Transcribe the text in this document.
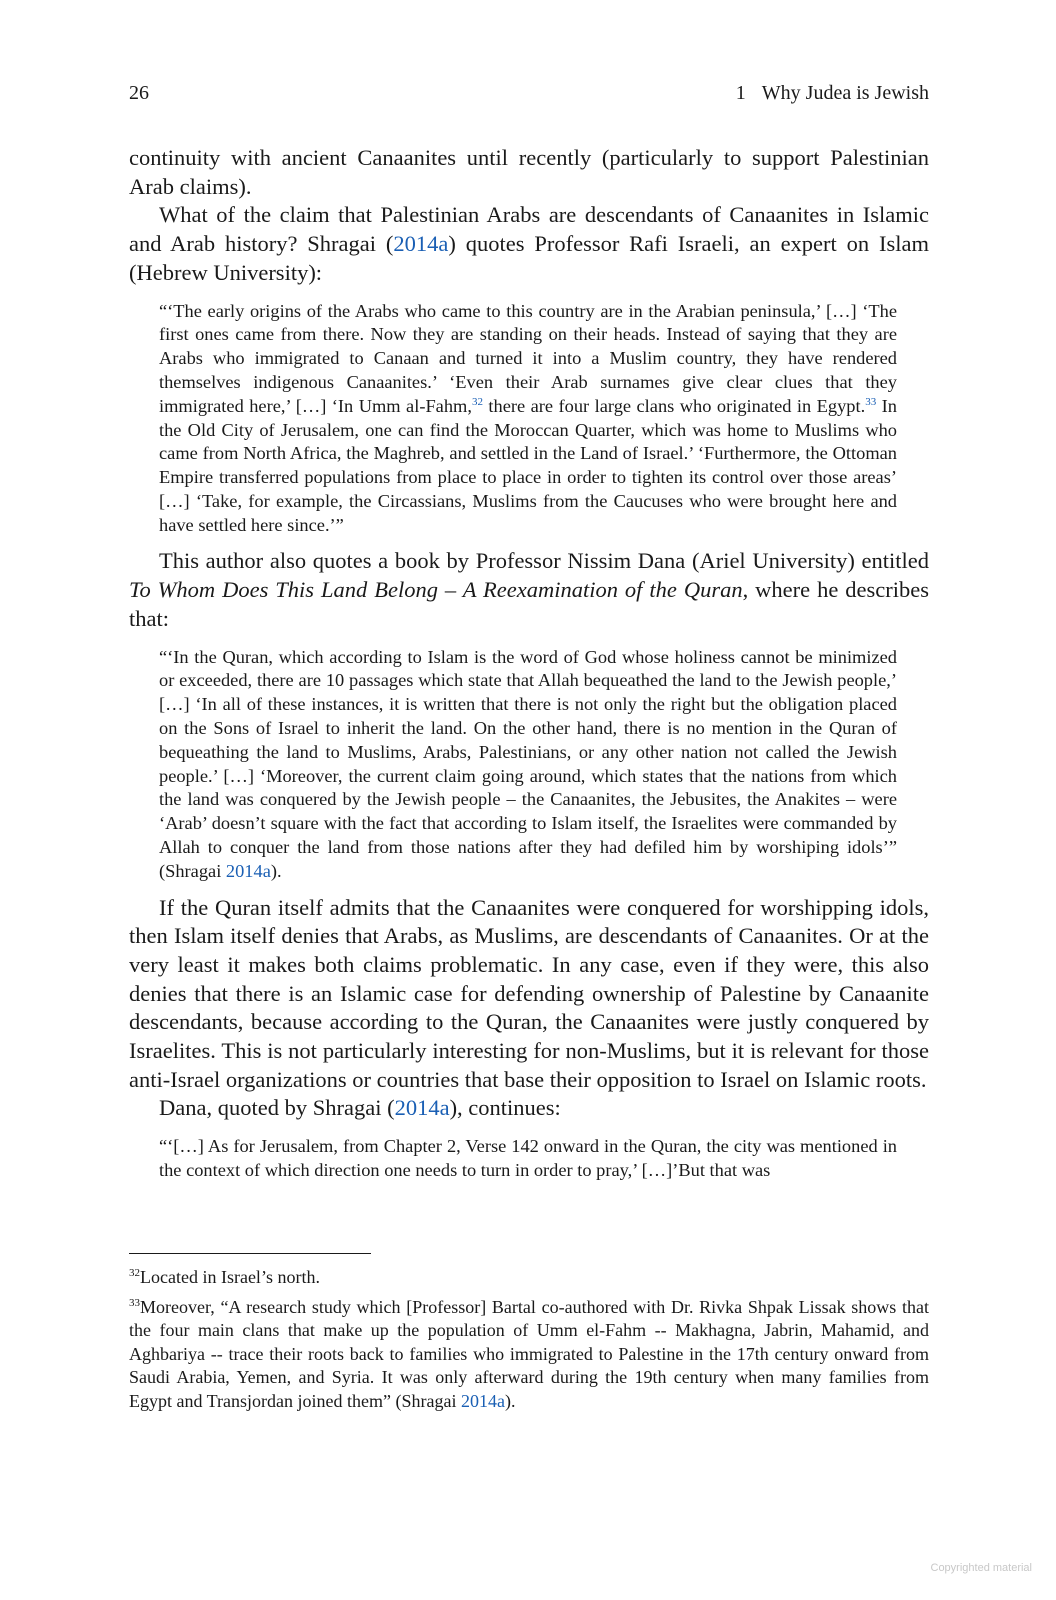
26	1 Why Judea is Jewish

continuity with ancient Canaanites until recently (particularly to support Palestinian Arab claims).

What of the claim that Palestinian Arabs are descendants of Canaanites in Islamic and Arab history? Shragai (2014a) quotes Professor Rafi Israeli, an expert on Islam (Hebrew University):

“‘The early origins of the Arabs who came to this country are in the Arabian peninsula,’ […] ‘The first ones came from there. Now they are standing on their heads. Instead of saying that they are Arabs who immigrated to Canaan and turned it into a Muslim country, they have rendered themselves indigenous Canaanites.’ ‘Even their Arab surnames give clear clues that they immigrated here,’ […] ‘In Umm al-Fahm,$^{32}$ there are four large clans who originated in Egypt.$^{33}$ In the Old City of Jerusalem, one can find the Moroccan Quarter, which was home to Muslims who came from North Africa, the Maghreb, and settled in the Land of Israel.’ ‘Furthermore, the Ottoman Empire transferred populations from place to place in order to tighten its control over those areas’ […] ‘Take, for example, the Circassians, Muslims from the Caucuses who were brought here and have settled here since.’”

This author also quotes a book by Professor Nissim Dana (Ariel University) entitled To Whom Does This Land Belong – A Reexamination of the Quran, where he describes that:

“‘In the Quran, which according to Islam is the word of God whose holiness cannot be minimized or exceeded, there are 10 passages which state that Allah bequeathed the land to the Jewish people,’ […] ‘In all of these instances, it is written that there is not only the right but the obligation placed on the Sons of Israel to inherit the land. On the other hand, there is no mention in the Quran of bequeathing the land to Muslims, Arabs, Palestinians, or any other nation not called the Jewish people.’ […] ‘Moreover, the current claim going around, which states that the nations from which the land was conquered by the Jewish people – the Canaanites, the Jebusites, the Anakites – were ‘Arab’ doesn’t square with the fact that according to Islam itself, the Israelites were commanded by Allah to conquer the land from those nations after they had defiled him by worshiping idols’” (Shragai 2014a).

If the Quran itself admits that the Canaanites were conquered for worshipping idols, then Islam itself denies that Arabs, as Muslims, are descendants of Canaanites. Or at the very least it makes both claims problematic. In any case, even if they were, this also denies that there is an Islamic case for defending ownership of Palestine by Canaanite descendants, because according to the Quran, the Canaanites were justly conquered by Israelites. This is not particularly interesting for non-Muslims, but it is relevant for those anti-Israel organizations or countries that base their opposition to Israel on Islamic roots.

Dana, quoted by Shragai (2014a), continues:

“‘[…] As for Jerusalem, from Chapter 2, Verse 142 onward in the Quran, the city was mentioned in the context of which direction one needs to turn in order to pray,’ […]’But that was

$^{32}$Located in Israel’s north.

$^{33}$Moreover, “A research study which [Professor] Bartal co-authored with Dr. Rivka Shpak Lissak shows that the four main clans that make up the population of Umm el-Fahm -- Makhagna, Jabrin, Mahamid, and Aghbariya -- trace their roots back to families who immigrated to Palestine in the 17th century onward from Saudi Arabia, Yemen, and Syria. It was only afterward during the 19th century when many families from Egypt and Transjordan joined them” (Shragai 2014a).

Copyrighted material
